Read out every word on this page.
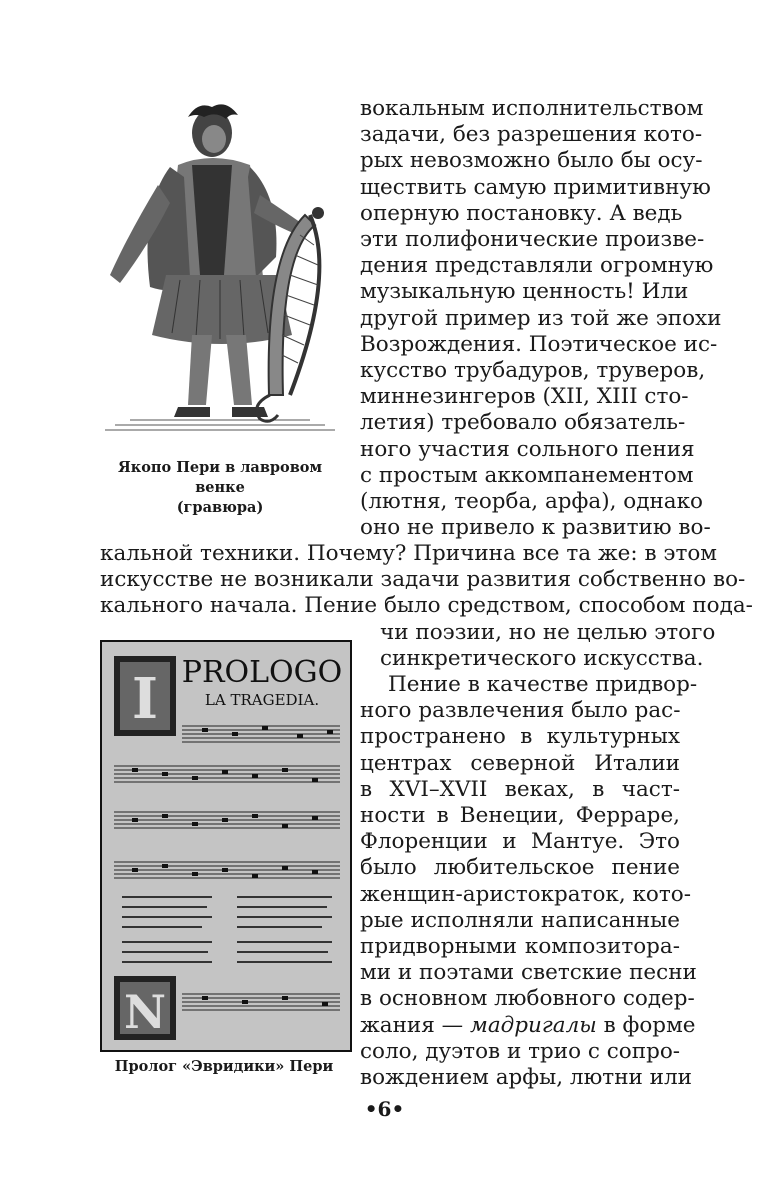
Якопо Пери в лавровом венке
(гравюра)
I PROLOGO
LA TRAGEDIA.
N
Пролог «Эвридики» Пери
вокальным исполнительством
задачи, без разрешения кото-
рых невозможно было бы осу-
ществить самую примитивную
оперную постановку. А ведь
эти полифонические произве-
дения представляли огромную
музыкальную ценность! Или
другой пример из той же эпохи
Возрождения. Поэтическое ис-
кусство трубадуров, труверов,
миннезингеров (XII, XIII сто-
летия) требовало обязатель-
ного участия сольного пения
с простым аккомпанементом
(лютня, теорба, арфа), однако
оно не привело к развитию во-
кальной техники. Почему? Причина все та же: в этом
искусстве не возникали задачи развития собственно во-
кального начала. Пение было средством, способом пода-
чи поэзии, но не целью этого
синкретического искусства.
Пение в качестве придвор-
ного развлечения было рас-
пространено в культурных
центрах северной Италии
в XVI–XVII веках, в част-
ности в Венеции, Ферраре,
Флоренции и Мантуе. Это
было любительское пение
женщин-аристократок, кото-
рые исполняли написанные
придворными композитора-
ми и поэтами светские песни
в основном любовного содер-
жания — мадригалы в форме
соло, дуэтов и трио с сопро-
вождением арфы, лютни или
•6•
